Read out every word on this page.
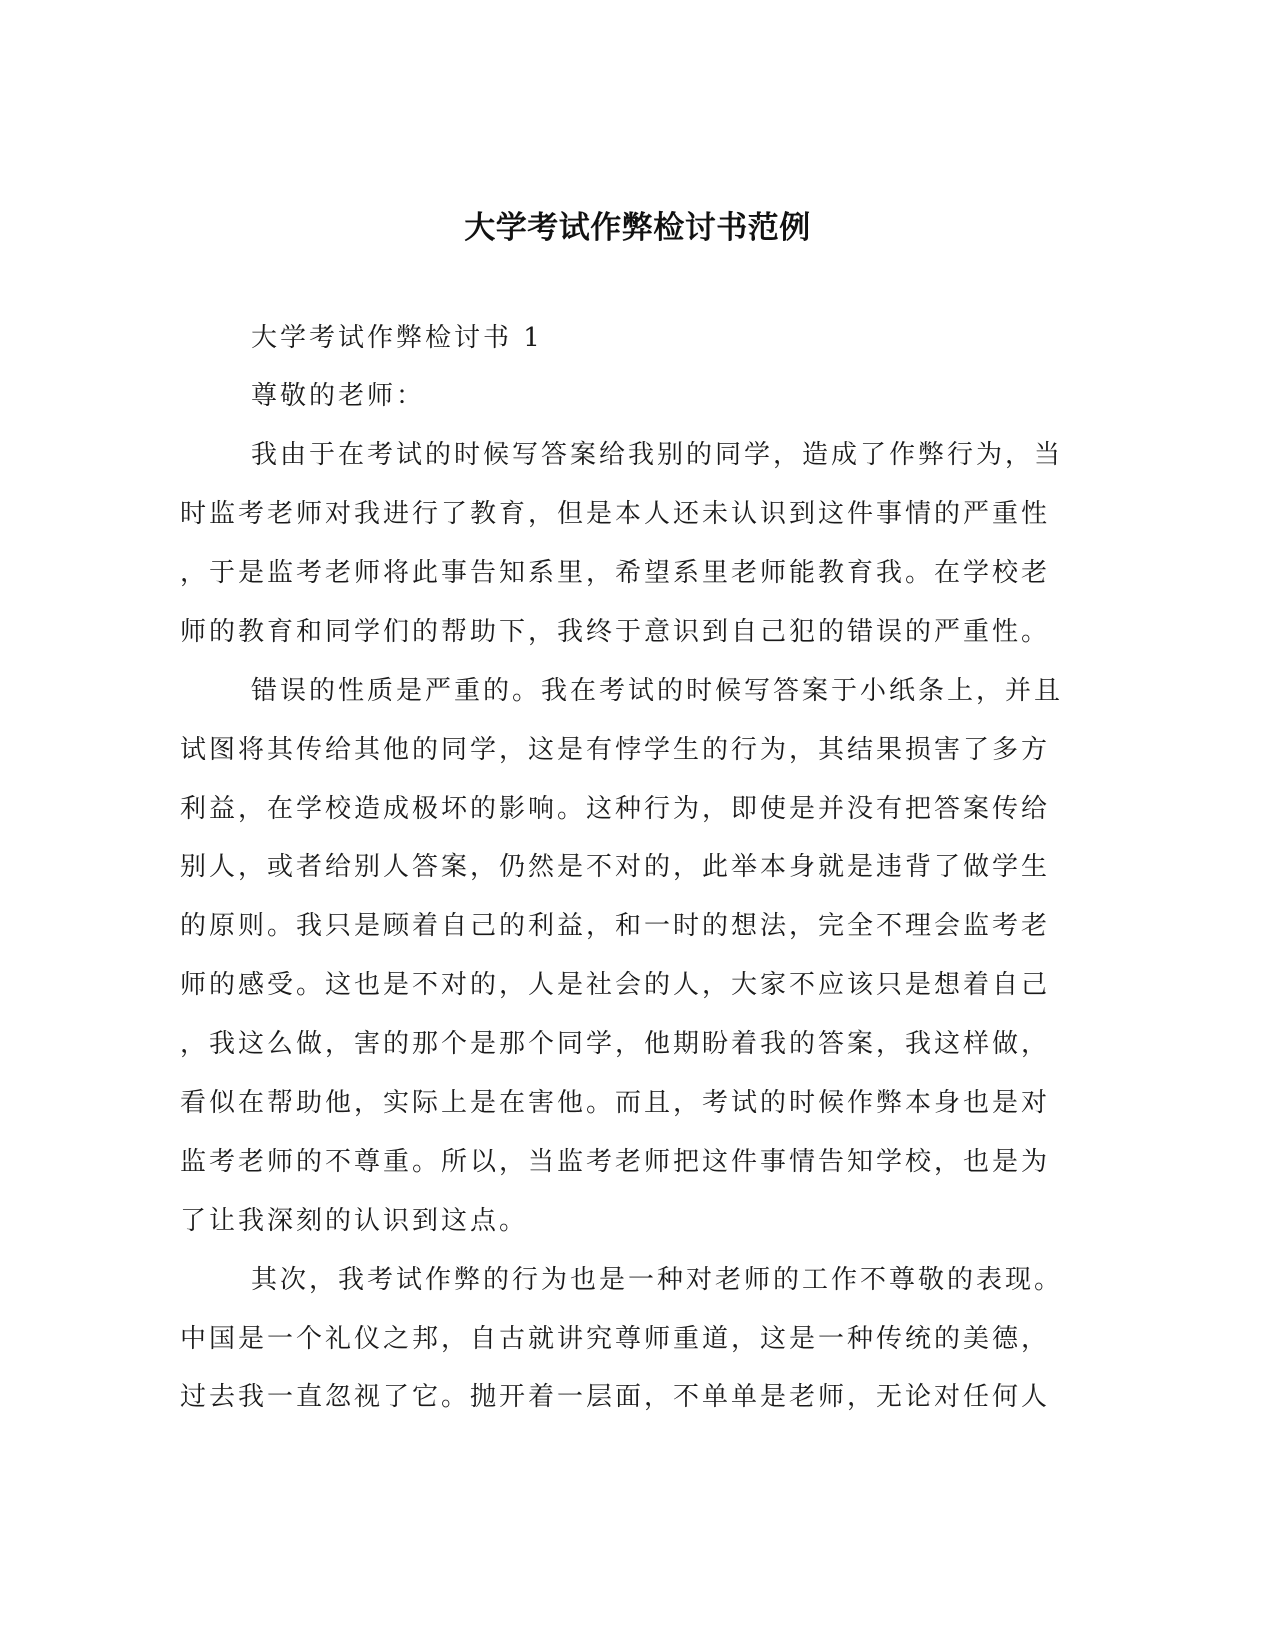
大学考试作弊检讨书范例

大学考试作弊检讨书 1

尊敬的老师：

我由于在考试的时候写答案给我别的同学，造成了作弊行为，当

时监考老师对我进行了教育，但是本人还未认识到这件事情的严重性

，于是监考老师将此事告知系里，希望系里老师能教育我。在学校老

师的教育和同学们的帮助下，我终于意识到自己犯的错误的严重性。

错误的性质是严重的。我在考试的时候写答案于小纸条上，并且

试图将其传给其他的同学，这是有悖学生的行为，其结果损害了多方

利益，在学校造成极坏的影响。这种行为，即使是并没有把答案传给

别人，或者给别人答案，仍然是不对的，此举本身就是违背了做学生

的原则。我只是顾着自己的利益，和一时的想法，完全不理会监考老

师的感受。这也是不对的，人是社会的人，大家不应该只是想着自己

，我这么做，害的那个是那个同学，他期盼着我的答案，我这样做，

看似在帮助他，实际上是在害他。而且，考试的时候作弊本身也是对

监考老师的不尊重。所以，当监考老师把这件事情告知学校，也是为

了让我深刻的认识到这点。

其次，我考试作弊的行为也是一种对老师的工作不尊敬的表现。

中国是一个礼仪之邦，自古就讲究尊师重道，这是一种传统的美德，

过去我一直忽视了它。抛开着一层面，不单单是老师，无论对任何人
